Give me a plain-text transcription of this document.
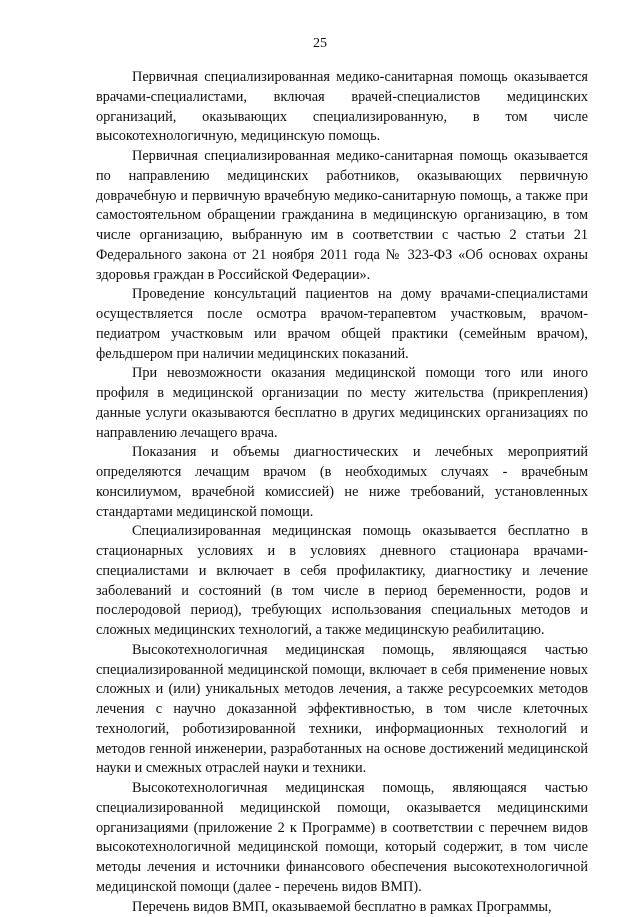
25

Первичная специализированная медико-санитарная помощь оказывается врачами-специалистами, включая врачей-специалистов медицинских организаций, оказывающих специализированную, в том числе высокотехнологичную, медицинскую помощь.

Первичная специализированная медико-санитарная помощь оказывается по направлению медицинских работников, оказывающих первичную доврачебную и первичную врачебную медико-санитарную помощь, а также при самостоятельном обращении гражданина в медицинскую организацию, в том числе организацию, выбранную им в соответствии с частью 2 статьи 21 Федерального закона от 21 ноября 2011 года № 323-ФЗ «Об основах охраны здоровья граждан в Российской Федерации».

Проведение консультаций пациентов на дому врачами-специалистами осуществляется после осмотра врачом-терапевтом участковым, врачом-педиатром участковым или врачом общей практики (семейным врачом), фельдшером при наличии медицинских показаний.

При невозможности оказания медицинской помощи того или иного профиля в медицинской организации по месту жительства (прикрепления) данные услуги оказываются бесплатно в других медицинских организациях по направлению лечащего врача.

Показания и объемы диагностических и лечебных мероприятий определяются лечащим врачом (в необходимых случаях - врачебным консилиумом, врачебной комиссией) не ниже требований, установленных стандартами медицинской помощи.

Специализированная медицинская помощь оказывается бесплатно в стационарных условиях и в условиях дневного стационара врачами-специалистами и включает в себя профилактику, диагностику и лечение заболеваний и состояний (в том числе в период беременности, родов и послеродовой период), требующих использования специальных методов и сложных медицинских технологий, а также медицинскую реабилитацию.

Высокотехнологичная медицинская помощь, являющаяся частью специализированной медицинской помощи, включает в себя применение новых сложных и (или) уникальных методов лечения, а также ресурсоемких методов лечения с научно доказанной эффективностью, в том числе клеточных технологий, роботизированной техники, информационных технологий и методов генной инженерии, разработанных на основе достижений медицинской науки и смежных отраслей науки и техники.

Высокотехнологичная медицинская помощь, являющаяся частью специализированной медицинской помощи, оказывается медицинскими организациями (приложение 2 к Программе) в соответствии с перечнем видов высокотехнологичной медицинской помощи, который содержит, в том числе методы лечения и источники финансового обеспечения высокотехнологичной медицинской помощи (далее - перечень видов ВМП).

Перечень видов ВМП, оказываемой бесплатно в рамках Программы,
